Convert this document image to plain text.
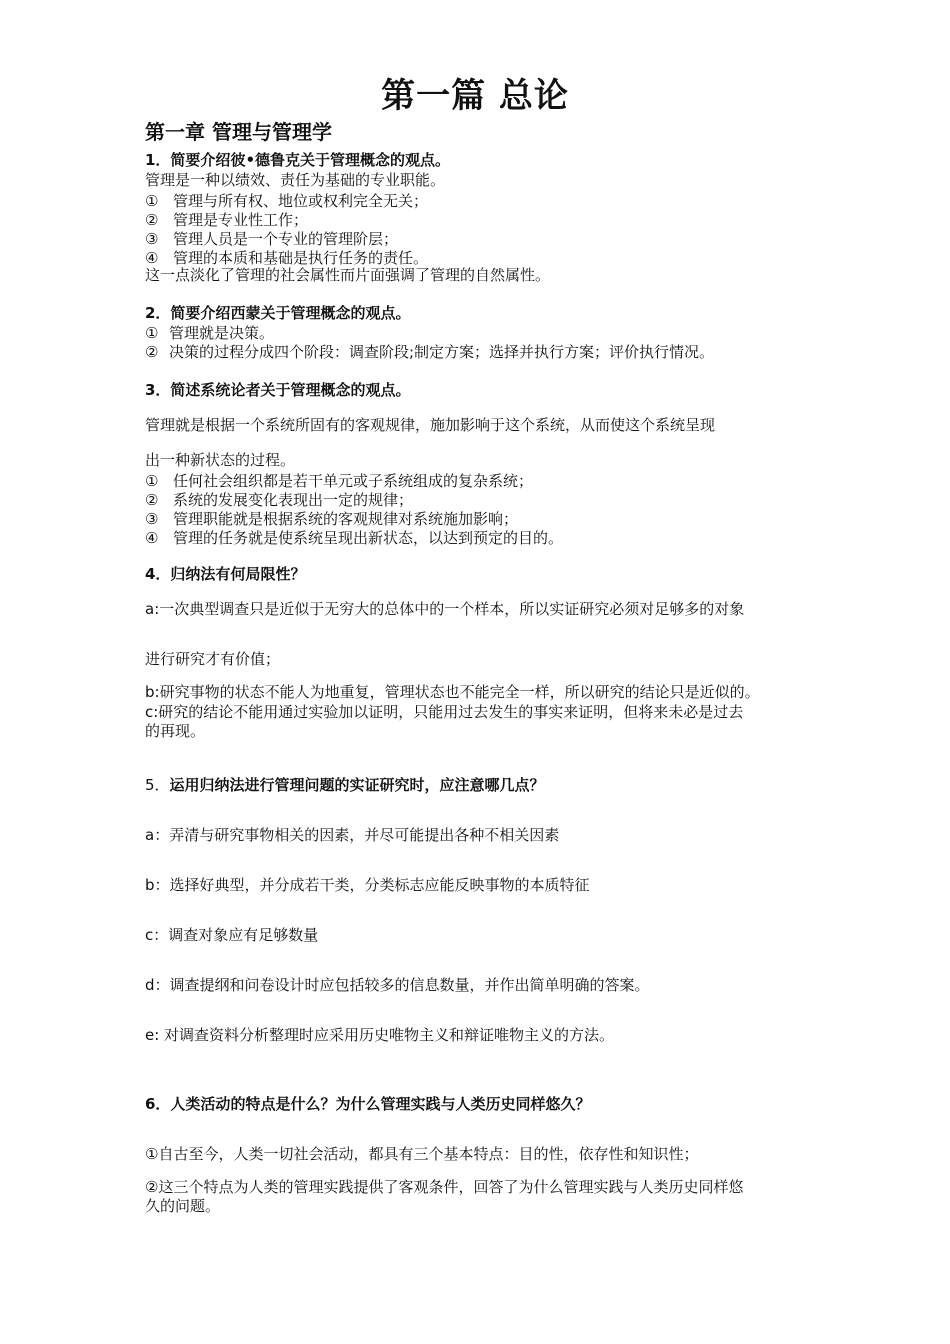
第一篇 总论
第一章 管理与管理学
1．简要介绍彼•德鲁克关于管理概念的观点。
管理是一种以绩效、责任为基础的专业职能。
① 管理与所有权、地位或权利完全无关；
② 管理是专业性工作；
③ 管理人员是一个专业的管理阶层；
④ 管理的本质和基础是执行任务的责任。
这一点淡化了管理的社会属性而片面强调了管理的自然属性。
2．简要介绍西蒙关于管理概念的观点。
① 管理就是决策。
② 决策的过程分成四个阶段：调查阶段;制定方案；选择并执行方案；评价执行情况。
3．简述系统论者关于管理概念的观点。
管理就是根据一个系统所固有的客观规律，施加影响于这个系统，从而使这个系统呈现
出一种新状态的过程。
① 任何社会组织都是若干单元或子系统组成的复杂系统；
② 系统的发展变化表现出一定的规律；
③ 管理职能就是根据系统的客观规律对系统施加影响；
④ 管理的任务就是使系统呈现出新状态，以达到预定的目的。
4．归纳法有何局限性？
a:一次典型调查只是近似于无穷大的总体中的一个样本，所以实证研究必须对足够多的对象
进行研究才有价值；
b:研究事物的状态不能人为地重复，管理状态也不能完全一样，所以研究的结论只是近似的。
c:研究的结论不能用通过实验加以证明，只能用过去发生的事实来证明，但将来未必是过去
的再现。
5．运用归纳法进行管理问题的实证研究时，应注意哪几点？
a：弄清与研究事物相关的因素，并尽可能提出各种不相关因素
b：选择好典型，并分成若干类，分类标志应能反映事物的本质特征
c：调查对象应有足够数量
d：调查提纲和问卷设计时应包括较多的信息数量，并作出简单明确的答案。
e: 对调查资料分析整理时应采用历史唯物主义和辩证唯物主义的方法。
6．人类活动的特点是什么？为什么管理实践与人类历史同样悠久？
①自古至今，人类一切社会活动，都具有三个基本特点：目的性，依存性和知识性；
②这三个特点为人类的管理实践提供了客观条件，回答了为什么管理实践与人类历史同样悠
久的问题。
